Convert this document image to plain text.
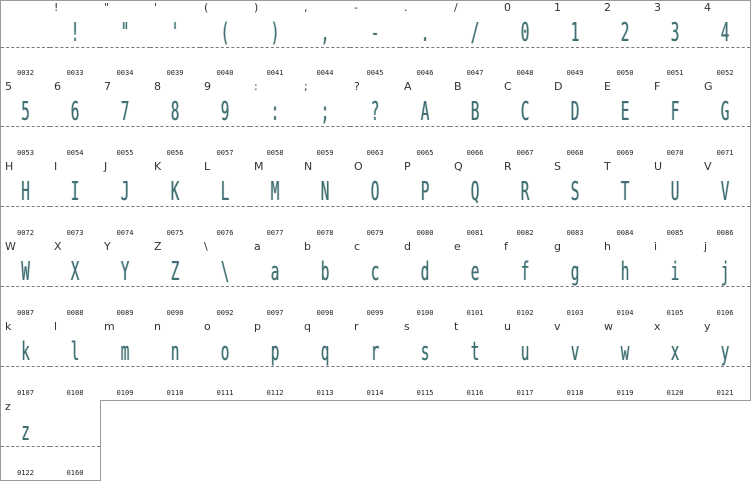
0032
!
!
0033
"
"
0034
'
'
0039
(
(
0040
)
)
0041
,
,
0044
-
-
0045
.
.
0046
/
/
0047
0
0
0048
1
1
0049
2
2
0050
3
3
0051
4
4
0052
5
5
0053
6
6
0054
7
7
0055
8
8
0056
9
9
0057
:
:
0058
;
;
0059
?
?
0063
A
A
0065
B
B
0066
C
C
0067
D
D
0068
E
E
0069
F
F
0070
G
G
0071
H
H
0072
I
I
0073
J
J
0074
K
K
0075
L
L
0076
M
M
0077
N
N
0078
O
O
0079
P
P
0080
Q
Q
0081
R
R
0082
S
S
0083
T
T
0084
U
U
0085
V
V
0086
W
W
0087
X
X
0088
Y
Y
0089
Z
Z
0090
\
\
0092
a
a
0097
b
b
0098
c
c
0099
d
d
0100
e
e
0101
f
f
0102
g
g
0103
h
h
0104
i
i
0105
j
j
0106
k
k
0107
l
l
0108
m
m
0109
n
n
0110
o
o
0111
p
p
0112
q
q
0113
r
r
0114
s
s
0115
t
t
0116
u
u
0117
v
v
0118
w
w
0119
x
x
0120
y
y
0121
z
z
0122	0160
